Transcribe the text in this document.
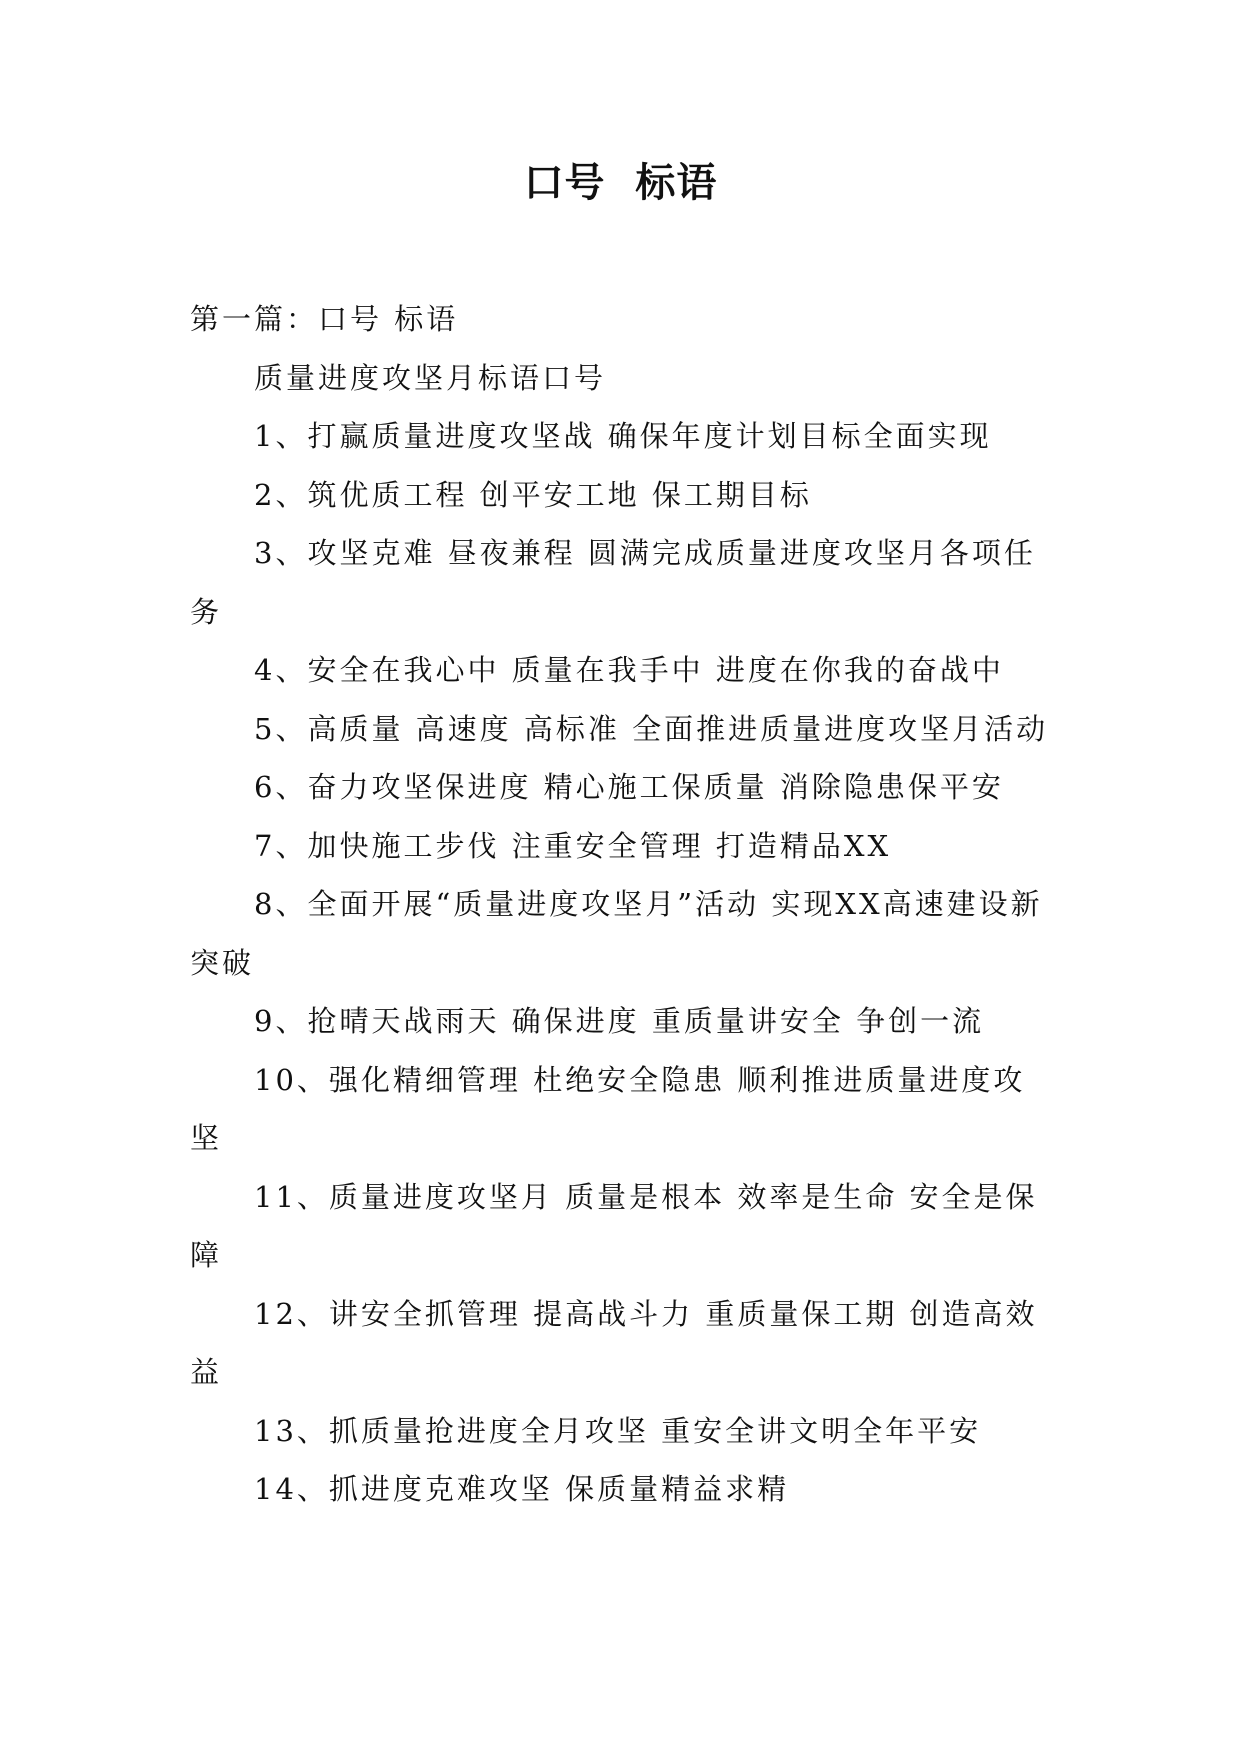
口号  标语

第一篇：口号 标语

质量进度攻坚月标语口号

1、打赢质量进度攻坚战 确保年度计划目标全面实现

2、筑优质工程 创平安工地 保工期目标

3、攻坚克难 昼夜兼程 圆满完成质量进度攻坚月各项任务

4、安全在我心中 质量在我手中 进度在你我的奋战中

5、高质量 高速度 高标准 全面推进质量进度攻坚月活动

6、奋力攻坚保进度 精心施工保质量 消除隐患保平安

7、加快施工步伐 注重安全管理 打造精品XX

8、全面开展“质量进度攻坚月”活动 实现XX高速建设新突破

9、抢晴天战雨天 确保进度 重质量讲安全 争创一流

10、强化精细管理 杜绝安全隐患 顺利推进质量进度攻坚

11、质量进度攻坚月 质量是根本 效率是生命 安全是保障

12、讲安全抓管理 提高战斗力 重质量保工期 创造高效益

13、抓质量抢进度全月攻坚 重安全讲文明全年平安

14、抓进度克难攻坚 保质量精益求精
